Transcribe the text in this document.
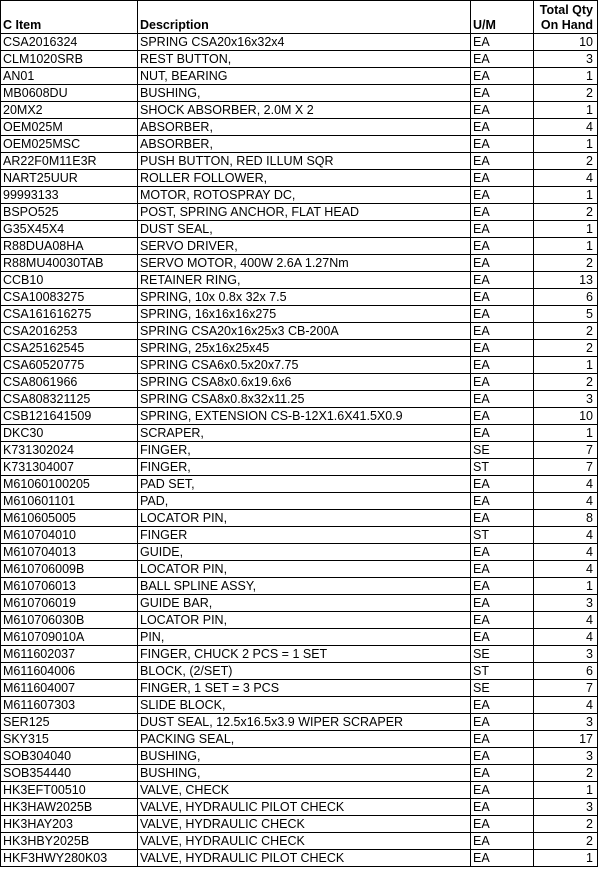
C Item	Description	U/M	Total Qty
On Hand
CSA2016324	SPRING CSA20x16x32x4	EA	10
CLM1020SRB	REST BUTTON,	EA	3
AN01	NUT, BEARING	EA	1
MB0608DU	BUSHING,	EA	2
20MX2	SHOCK ABSORBER, 2.0M X 2	EA	1
OEM025M	ABSORBER,	EA	4
OEM025MSC	ABSORBER,	EA	1
AR22F0M11E3R	PUSH BUTTON, RED ILLUM SQR	EA	2
NART25UUR	ROLLER FOLLOWER,	EA	4
99993133	MOTOR, ROTOSPRAY DC,	EA	1
BSPO525	POST, SPRING ANCHOR, FLAT HEAD	EA	2
G35X45X4	DUST SEAL,	EA	1
R88DUA08HA	SERVO DRIVER,	EA	1
R88MU40030TAB	SERVO MOTOR, 400W 2.6A 1.27Nm	EA	2
CCB10	RETAINER RING,	EA	13
CSA10083275	SPRING, 10x 0.8x 32x 7.5	EA	6
CSA161616275	SPRING, 16x16x16x275	EA	5
CSA2016253	SPRING CSA20x16x25x3 CB-200A	EA	2
CSA25162545	SPRING, 25x16x25x45	EA	2
CSA60520775	SPRING CSA6x0.5x20x7.75	EA	1
CSA8061966	SPRING CSA8x0.6x19.6x6	EA	2
CSA808321125	SPRING CSA8x0.8x32x11.25	EA	3
CSB121641509	SPRING, EXTENSION CS-B-12X1.6X41.5X0.9	EA	10
DKC30	SCRAPER,	EA	1
K731302024	FINGER,	SE	7
K731304007	FINGER,	ST	7
M61060100205	PAD SET,	EA	4
M610601101	PAD,	EA	4
M610605005	LOCATOR PIN,	EA	8
M610704010	FINGER	ST	4
M610704013	GUIDE,	EA	4
M610706009B	LOCATOR PIN,	EA	4
M610706013	BALL SPLINE ASSY,	EA	1
M610706019	GUIDE BAR,	EA	3
M610706030B	LOCATOR PIN,	EA	4
M610709010A	PIN,	EA	4
M611602037	FINGER, CHUCK 2 PCS = 1 SET	SE	3
M611604006	BLOCK, (2/SET)	ST	6
M611604007	FINGER, 1 SET = 3 PCS	SE	7
M611607303	SLIDE BLOCK,	EA	4
SER125	DUST SEAL, 12.5x16.5x3.9 WIPER SCRAPER	EA	3
SKY315	PACKING SEAL,	EA	17
SOB304040	BUSHING,	EA	3
SOB354440	BUSHING,	EA	2
HK3EFT00510	VALVE, CHECK	EA	1
HK3HAW2025B	VALVE, HYDRAULIC PILOT CHECK	EA	3
HK3HAY203	VALVE, HYDRAULIC CHECK	EA	2
HK3HBY2025B	VALVE, HYDRAULIC CHECK	EA	2
HKF3HWY280K03	VALVE, HYDRAULIC PILOT CHECK	EA	1
